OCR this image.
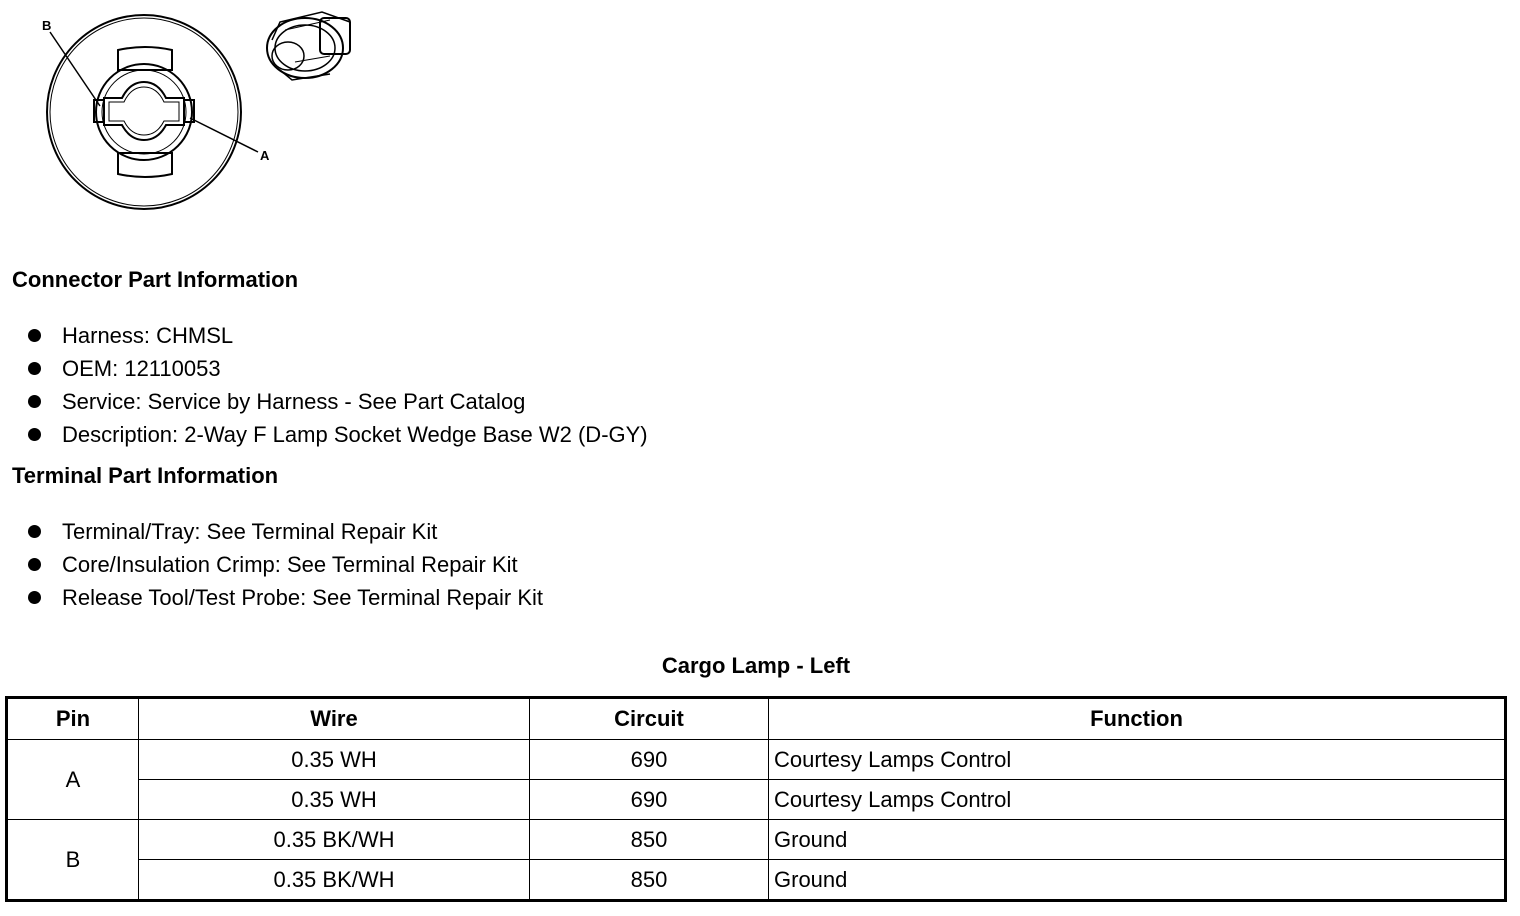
B
A
Connector Part Information
Harness: CHMSL
OEM: 12110053
Service: Service by Harness - See Part Catalog
Description: 2-Way F Lamp Socket Wedge Base W2 (D-GY)
Terminal Part Information
Terminal/Tray: See Terminal Repair Kit
Core/Insulation Crimp: See Terminal Repair Kit
Release Tool/Test Probe: See Terminal Repair Kit
Cargo Lamp - Left
Pin	Wire	Circuit	Function
A	0.35 WH	690	Courtesy Lamps Control
	0.35 WH	690	Courtesy Lamps Control
B	0.35 BK/WH	850	Ground
	0.35 BK/WH	850	Ground
